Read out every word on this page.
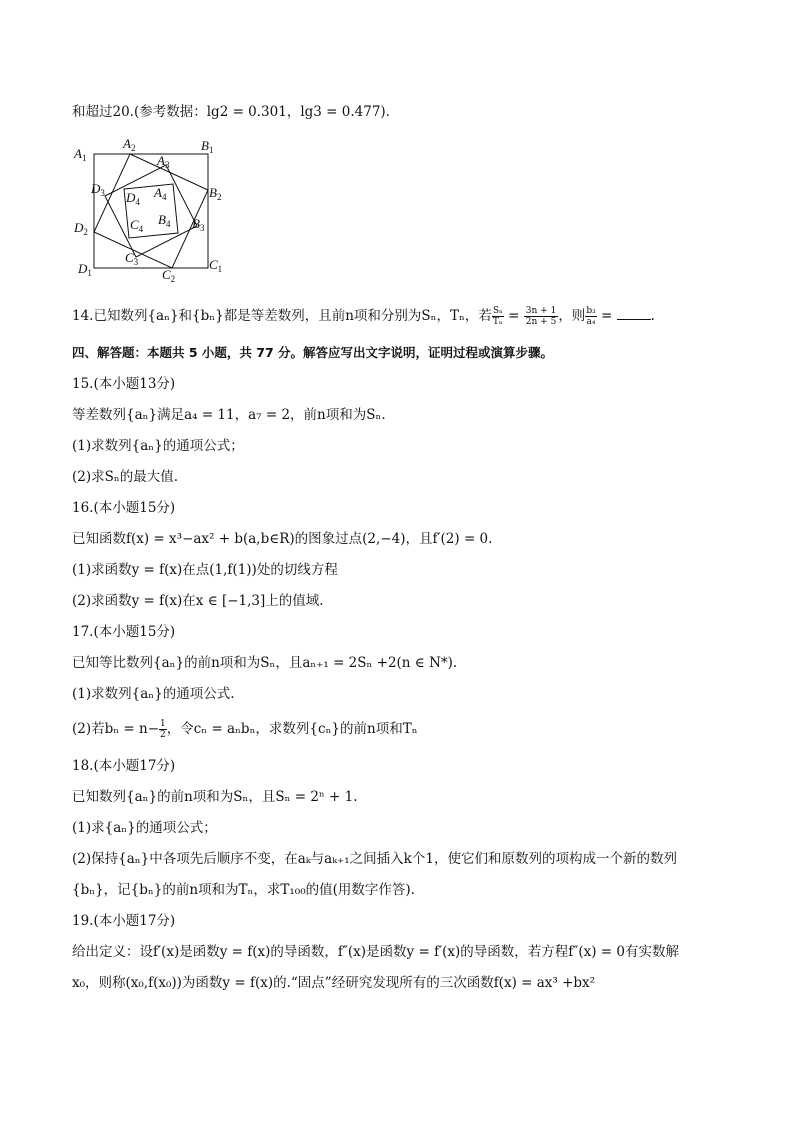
和超过20.(参考数据：lg2 = 0.301，lg3 = 0.477).
$A_1$
$A_2$	$B_1$
$A_3$
$D_3$	$B_2$
$A_4$
$D_4$
$B_4$
$C_4$	$B_3$
$D_2$
$C_3$
$D_1$	$C_2$
$C_1$
14.已知数列{aₙ}和{bₙ}都是等差数列，且前n项和分别为Sₙ，Tₙ，若 $\frac{\text{Sₙ}}{\text{Tₙ}} = \frac{3n + 1}{2n + 5}$ ，则 $\frac{\text{b₃}}{\text{a₄}}$ =	.
四、解答题：本题共 5 小题，共 77 分。解答应写出文字说明，证明过程或演算步骤。
15.(本小题13分)
等差数列{aₙ}满足a₄ = 11，a₇ = 2，前n项和为Sₙ.
(1)求数列{aₙ}的通项公式；
(2)求Sₙ的最大值.
16.(本小题15分)
已知函数f(x) = x³−ax² + b(a,b∈R)的图象过点(2,−4)，且f′(2) = 0.
(1)求函数y = f(x)在点(1,f(1))处的切线方程
(2)求函数y = f(x)在x ∈ [−1,3]上的值域.
17.(本小题15分)
已知等比数列{aₙ}的前n项和为Sₙ，且aₙ₊₁ = 2Sₙ +2(n ∈ N*).
(1)求数列{aₙ}的通项公式.
(2)若$b_n = n- \frac{1}{2}$ ，令cₙ = aₙbₙ，求数列{cₙ}的前n项和Tₙ
18.(本小题17分)
已知数列{aₙ}的前n项和为Sₙ，且Sₙ = 2ⁿ + 1.
(1)求{aₙ}的通项公式；
(2)保持{aₙ}中各项先后顺序不变，在aₖ与aₖ₊₁之间插入k个1，使它们和原数列的项构成一个新的数列
{bₙ}，记{bₙ}的前n项和为Tₙ，求T₁₀₀的值(用数字作答).
19.(本小题17分)
给出定义：设f′(x)是函数y = f(x)的导函数，f″(x)是函数y = f′(x)的导函数，若方程f″(x) = 0有实数解
x₀，则称(x₀,f(x₀))为函数y = f(x)的.“固点”经研究发现所有的三次函数f(x) = ax³ +bx²
